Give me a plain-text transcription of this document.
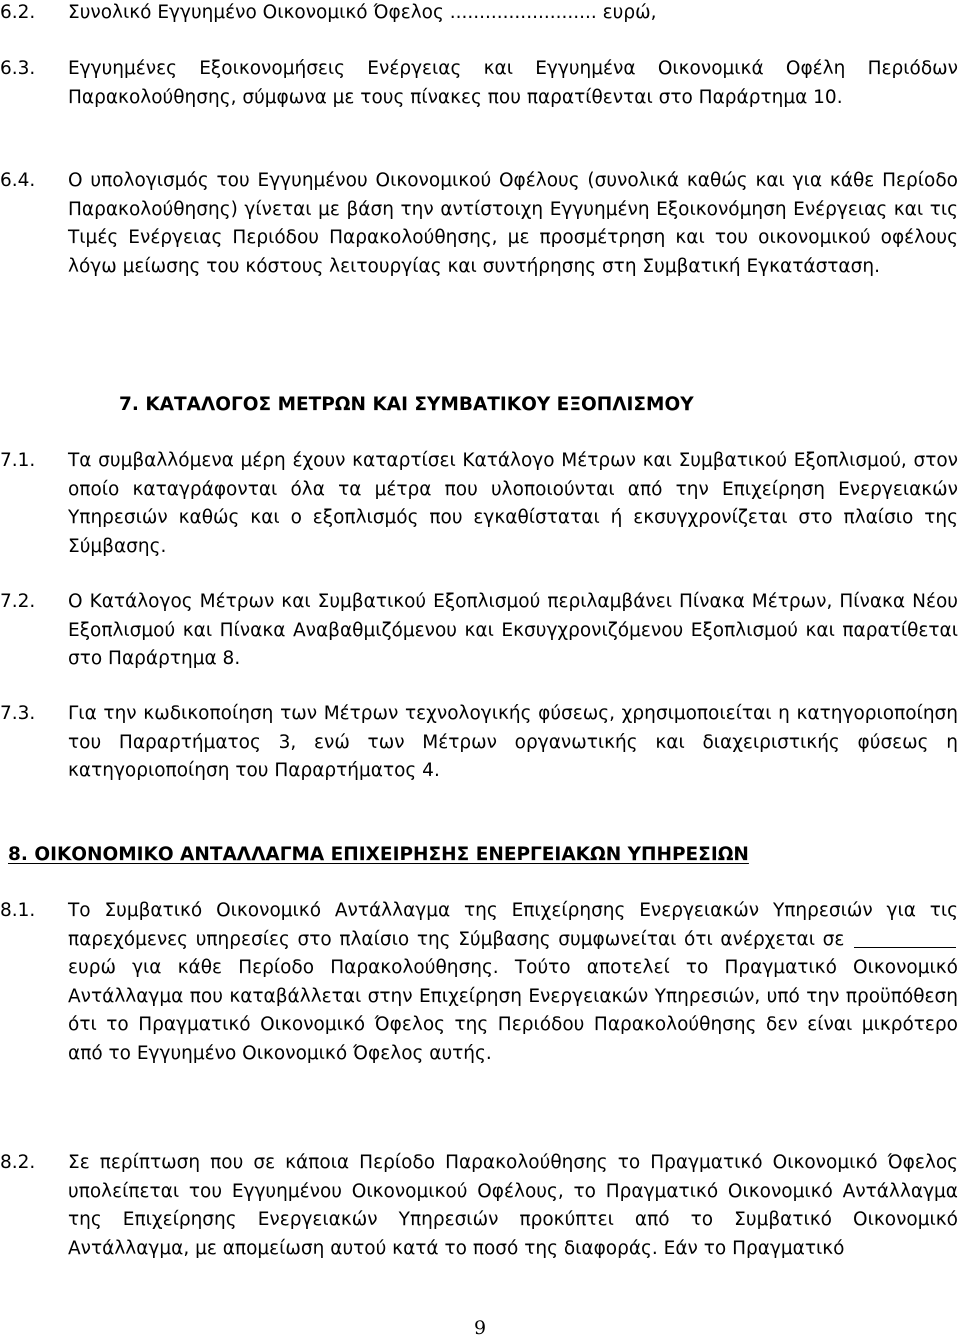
6.2.	Συνολικό Εγγυημένο Οικονομικό Όφελος ......................... ευρώ,
6.3.	Εγγυημένες Εξοικονομήσεις Ενέργειας και Εγγυημένα Οικονομικά Οφέλη Περιόδων Παρακολούθησης, σύμφωνα με τους πίνακες που παρατίθενται στο Παράρτημα 10.
6.4.	Ο υπολογισμός του Εγγυημένου Οικονομικού Οφέλους (συνολικά καθώς και για κάθε Περίοδο Παρακολούθησης) γίνεται με βάση την αντίστοιχη Εγγυημένη Εξοικονόμηση Ενέργειας και τις Τιμές Ενέργειας Περιόδου Παρακολούθησης, με προσμέτρηση και του οικονομικού οφέλους λόγω μείωσης του κόστους λειτουργίας και συντήρησης στη Συμβατική Εγκατάσταση.
7. ΚΑΤΑΛΟΓΟΣ ΜΕΤΡΩΝ ΚΑΙ ΣΥΜΒΑΤΙΚΟΥ ΕΞΟΠΛΙΣΜΟΥ
7.1.	Τα συμβαλλόμενα μέρη έχουν καταρτίσει Κατάλογο Μέτρων και Συμβατικού Εξοπλισμού, στον οποίο καταγράφονται όλα τα μέτρα που υλοποιούνται από την Επιχείρηση Ενεργειακών Υπηρεσιών καθώς και ο εξοπλισμός που εγκαθίσταται ή εκσυγχρονίζεται στο πλαίσιο της Σύμβασης.
7.2.	Ο Κατάλογος Μέτρων και Συμβατικού Εξοπλισμού περιλαμβάνει Πίνακα Μέτρων, Πίνακα Νέου Εξοπλισμού και Πίνακα Αναβαθμιζόμενου και Εκσυγχρονιζόμενου Εξοπλισμού και παρατίθεται στο Παράρτημα 8.
7.3.	Για την κωδικοποίηση των Μέτρων τεχνολογικής φύσεως, χρησιμοποιείται η κατηγοριοποίηση του Παραρτήματος 3, ενώ των Μέτρων οργανωτικής και διαχειριστικής φύσεως η κατηγοριοποίηση του Παραρτήματος 4.
8. ΟΙΚΟΝΟΜΙΚΟ ΑΝΤΑΛΛΑΓΜΑ ΕΠΙΧΕΙΡΗΣΗΣ ΕΝΕΡΓΕΙΑΚΩΝ ΥΠΗΡΕΣΙΩΝ
8.1.	Το Συμβατικό Οικονομικό Αντάλλαγμα της Επιχείρησης Ενεργειακών Υπηρεσιών για τις παρεχόμενες υπηρεσίες στο πλαίσιο της Σύμβασης συμφωνείται ότι ανέρχεται σε  ευρώ για κάθε Περίοδο Παρακολούθησης. Τούτο αποτελεί το Πραγματικό Οικονομικό Αντάλλαγμα που καταβάλλεται στην Επιχείρηση Ενεργειακών Υπηρεσιών, υπό την προϋπόθεση ότι το Πραγματικό Οικονομικό Όφελος της Περιόδου Παρακολούθησης δεν είναι μικρότερο από το Εγγυημένο Οικονομικό Όφελος αυτής.
8.2.	Σε περίπτωση που σε κάποια Περίοδο Παρακολούθησης το Πραγματικό Οικονομικό Όφελος υπολείπεται του Εγγυημένου Οικονομικού Οφέλους, το Πραγματικό Οικονομικό Αντάλλαγμα της Επιχείρησης Ενεργειακών Υπηρεσιών προκύπτει από το Συμβατικό Οικονομικό Αντάλλαγμα, με απομείωση αυτού κατά το ποσό της διαφοράς. Εάν το Πραγματικό
9
